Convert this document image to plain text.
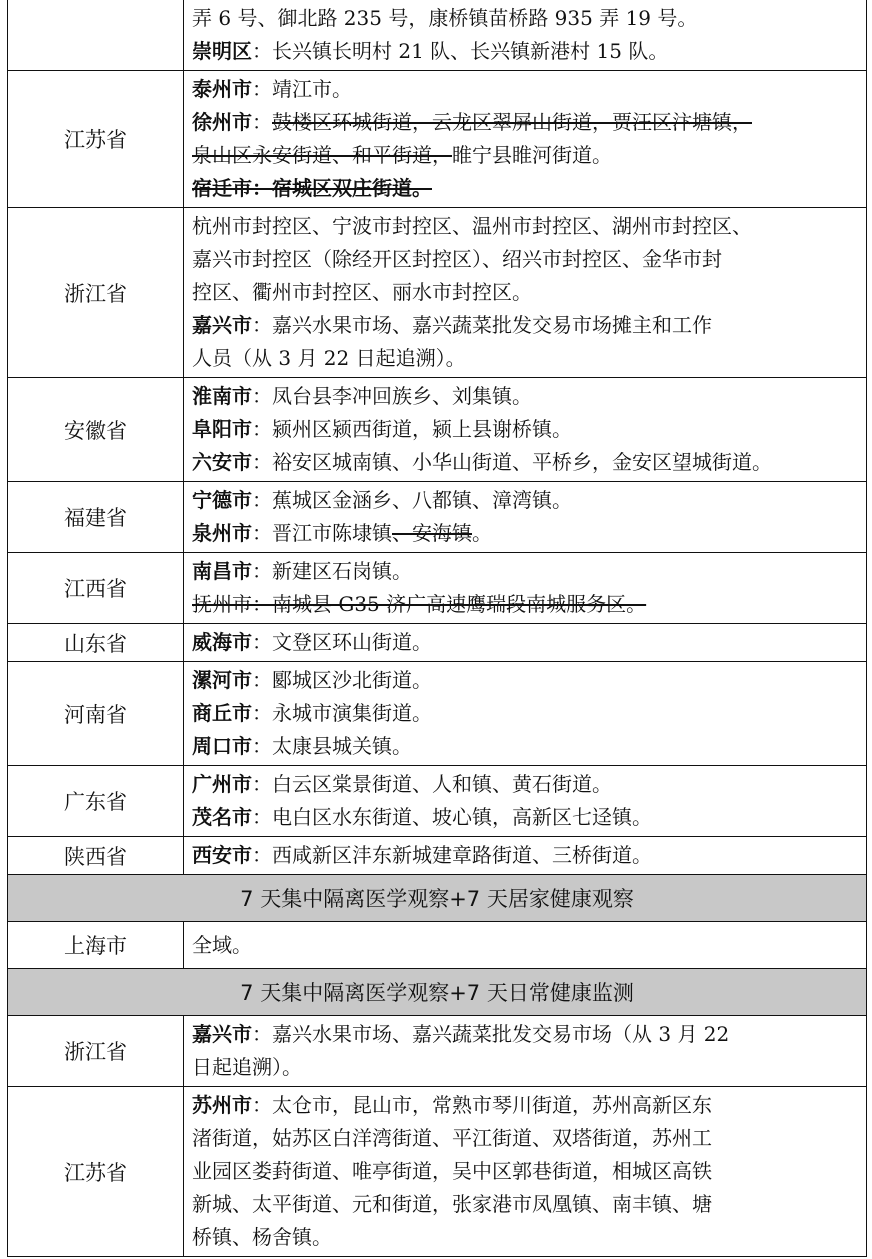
	弄 6 号、御北路 235 号，康桥镇苗桥路 935 弄 19 号。
崇明区：长兴镇长明村 21 队、长兴镇新港村 15 队。

江苏省	泰州市：靖江市。
徐州市：鼓楼区环城街道，云龙区翠屏山街道，贾汪区汴塘镇，
泉山区永安街道、和平街道，睢宁县睢河街道。
宿迁市：宿城区双庄街道。

浙江省	杭州市封控区、宁波市封控区、温州市封控区、湖州市封控区、
嘉兴市封控区（除经开区封控区）、绍兴市封控区、金华市封
控区、衢州市封控区、丽水市封控区。
嘉兴市：嘉兴水果市场、嘉兴蔬菜批发交易市场摊主和工作
人员（从 3 月 22 日起追溯）。

安徽省	淮南市：凤台县李冲回族乡、刘集镇。
阜阳市：颍州区颍西街道，颍上县谢桥镇。
六安市：裕安区城南镇、小华山街道、平桥乡，金安区望城街道。

福建省	宁德市：蕉城区金涵乡、八都镇、漳湾镇。
泉州市：晋江市陈埭镇、安海镇。

江西省	南昌市：新建区石岗镇。
抚州市：南城县 G35 济广高速鹰瑞段南城服务区。

山东省	威海市：文登区环山街道。

河南省	漯河市：郾城区沙北街道。
商丘市：永城市演集街道。
周口市：太康县城关镇。

广东省	广州市：白云区棠景街道、人和镇、黄石街道。
茂名市：电白区水东街道、坡心镇，高新区七迳镇。

陕西省	西安市：西咸新区沣东新城建章路街道、三桥街道。

7 天集中隔离医学观察+7 天居家健康观察	
上海市	全域。

7 天集中隔离医学观察+7 天日常健康监测	
浙江省	嘉兴市：嘉兴水果市场、嘉兴蔬菜批发交易市场（从 3 月 22
日起追溯）。

江苏省	苏州市：太仓市，昆山市，常熟市琴川街道，苏州高新区东
渚街道，姑苏区白洋湾街道、平江街道、双塔街道，苏州工
业园区娄葑街道、唯亭街道，吴中区郭巷街道，相城区高铁
新城、太平街道、元和街道，张家港市凤凰镇、南丰镇、塘
桥镇、杨舍镇。
